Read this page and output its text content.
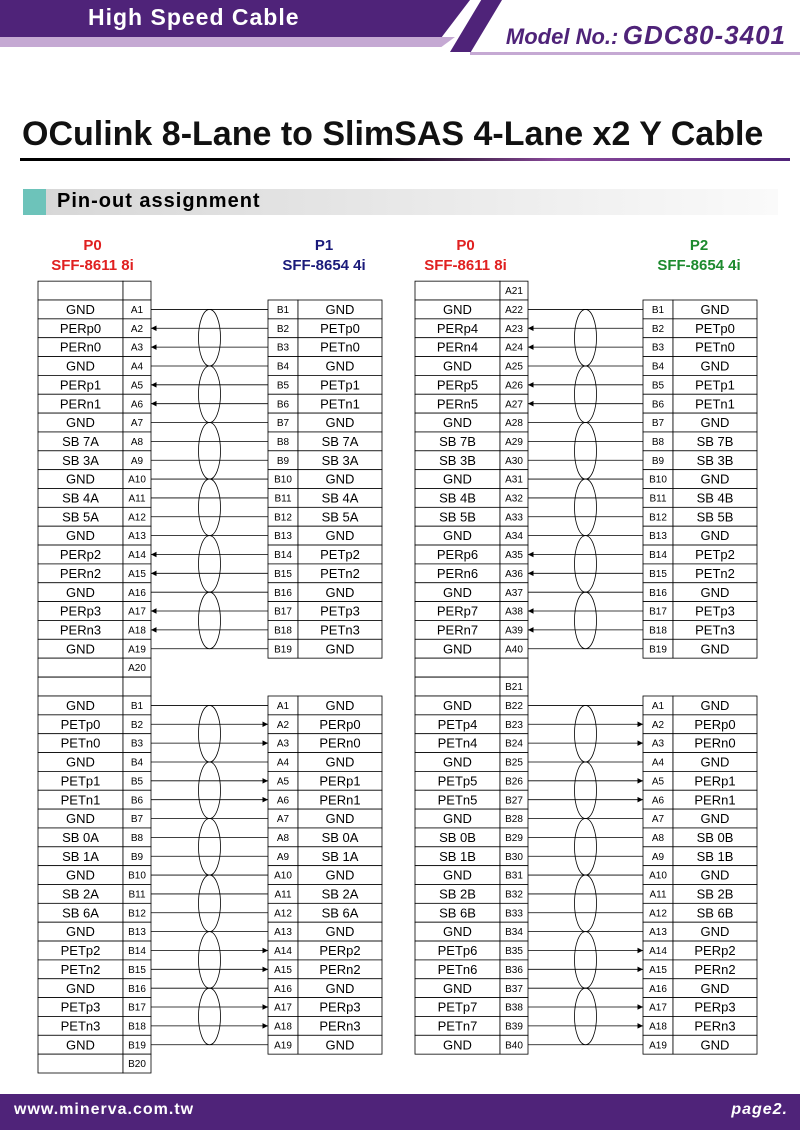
High Speed Cable
Model No.: GDC80-3401
OCulink 8-Lane to SlimSAS 4-Lane x2 Y Cable
Pin-out assignment
P0
SFF-8611 8i
P1
SFF-8654 4i
P0
SFF-8611 8i
P2
SFF-8654 4i
GND	A1	B1	GND
PERp0	A2	B2 PETp0
PERn0	A3	B3 PETn0
GND	A4	B4	GND
PERp1	A5	B5 PETp1
PERn1	A6	B6 PETn1
GND	A7	B7	GND
SB 7A	A8	B8 SB 7A
SB 3A	A9	B9 SB 3A
GND	A10	B10	GND
SB 4A	A11	B11 SB 4A
SB 5A	A12	B12 SB 5A
GND	A13	B13	GND
PERp2	A14	B14 PETp2
PERn2	A15	B15 PETn2
GND	A16	B16	GND
PERp3	A17	B17 PETp3
PERn3	A18	B18 PETn3
GND	A19	B19	GND
A20
GND	B1	A1	GND
PETp0	B2	A2 PERp0
PETn0	B3	A3 PERn0
GND	B4	A4	GND
PETp1	B5	A5 PERp1
PETn1	B6	A6 PERn1
GND	B7	A7	GND
SB 0A	B8	A8 SB 0A
SB 1A	B9	A9 SB 1A
GND	B10	A10	GND
SB 2A	B11	A11 SB 2A
SB 6A	B12	A12 SB 6A
GND	B13	A13	GND
PETp2	B14	A14 PERp2
PETn2	B15	A15 PERn2
GND	B16	A16	GND
PETp3	B17	A17 PERp3
PETn3	B18	A18 PERn3
GND	B19	A19	GND
B20
A21
GND	A22	B1	GND
PERp4	A23	B2 PETp0
PERn4	A24	B3 PETn0
GND	A25	B4	GND
PERp5	A26	B5 PETp1
PERn5	A27	B6 PETn1
GND	A28	B7	GND
SB 7B	A29	B8 SB 7B
SB 3B	A30	B9 SB 3B
GND	A31	B10	GND
SB 4B	A32	B11 SB 4B
SB 5B	A33	B12 SB 5B
GND	A34	B13	GND
PERp6	A35	B14 PETp2
PERn6	A36	B15 PETn2
GND	A37	B16	GND
PERp7	A38	B17 PETp3
PERn7	A39	B18 PETn3
GND	A40	B19	GND
B21
GND	B22	A1	GND
PETp4	B23	A2 PERp0
PETn4	B24	A3 PERn0
GND	B25	A4	GND
PETp5	B26	A5 PERp1
PETn5	B27	A6 PERn1
GND	B28	A7	GND
SB 0B	B29	A8 SB 0B
SB 1B	B30	A9 SB 1B
GND	B31	A10	GND
SB 2B	B32	A11 SB 2B
SB 6B	B33	A12 SB 6B
GND	B34	A13	GND
PETp6	B35	A14 PERp2
PETn6	B36	A15 PERn2
GND	B37	A16	GND
PETp7	B38	A17 PERp3
PETn7	B39	A18 PERn3
GND	B40	A19	GND
www.minerva.com.tw	page2.
